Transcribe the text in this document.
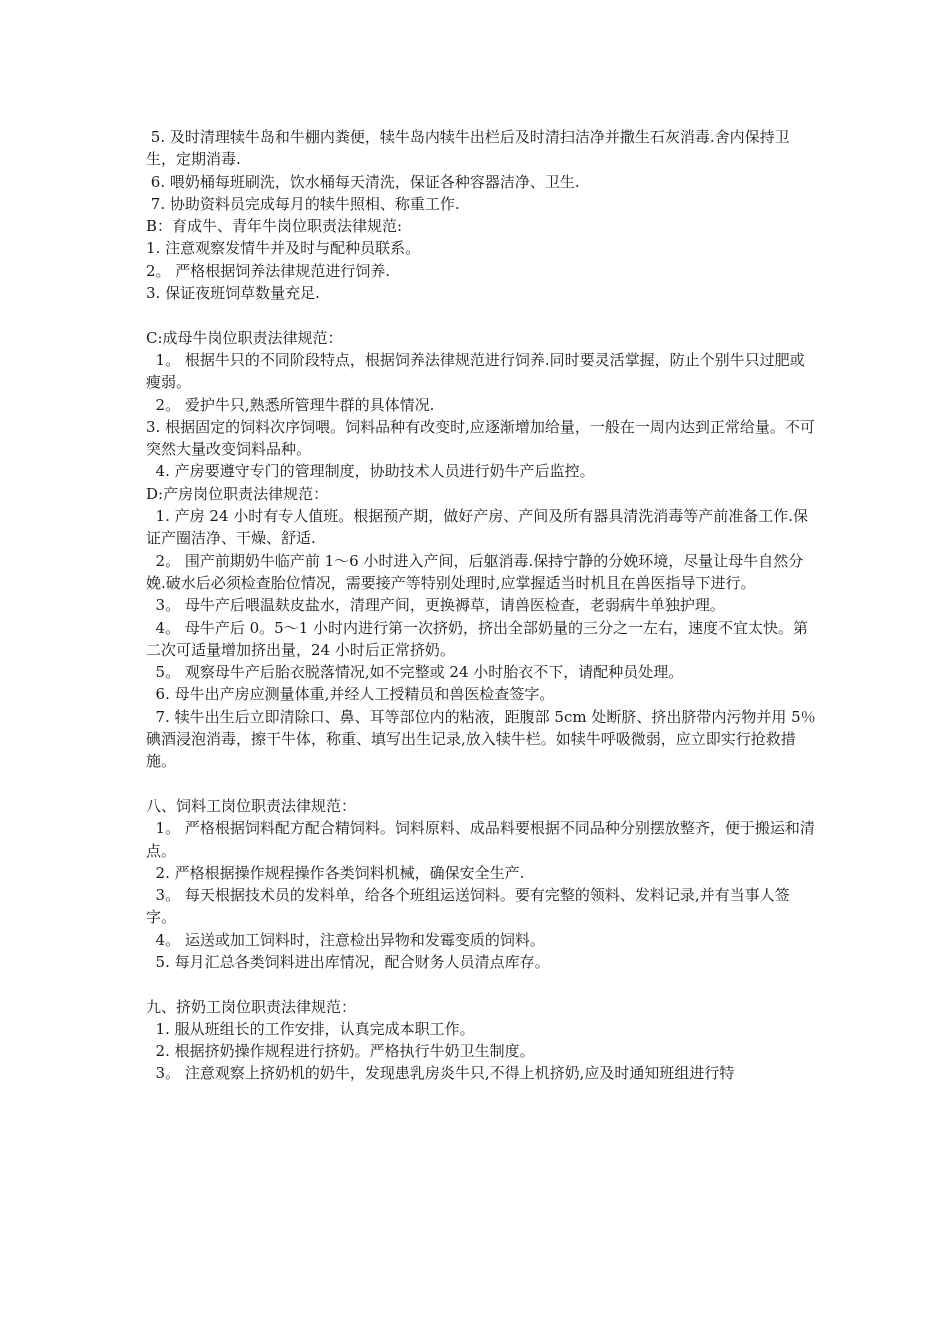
5. 及时清理犊牛岛和牛棚内粪便，犊牛岛内犊牛出栏后及时清扫洁净并撒生石灰消毒.舍内保持卫生，定期消毒.
6. 喂奶桶每班刷洗，饮水桶每天清洗，保证各种容器洁净、卫生.
7. 协助资料员完成每月的犊牛照相、称重工作.
B：育成牛、青年牛岗位职责法律规范:
1. 注意观察发情牛并及时与配种员联系。
2。 严格根据饲养法律规范进行饲养.
3. 保证夜班饲草数量充足.
C:成母牛岗位职责法律规范：
1。 根据牛只的不同阶段特点，根据饲养法律规范进行饲养.同时要灵活掌握，防止个别牛只过肥或瘦弱。
2。 爱护牛只,熟悉所管理牛群的具体情况.
3. 根据固定的饲料次序饲喂。饲料品种有改变时,应逐渐增加给量，一般在一周内达到正常给量。不可突然大量改变饲料品种。
4. 产房要遵守专门的管理制度，协助技术人员进行奶牛产后监控。
D:产房岗位职责法律规范：
1. 产房 24 小时有专人值班。根据预产期，做好产房、产间及所有器具清洗消毒等产前准备工作.保证产圈洁净、干燥、舒适.
2。 围产前期奶牛临产前 1～6 小时进入产间，后躯消毒.保持宁静的分娩环境，尽量让母牛自然分娩.破水后必须检查胎位情况，需要接产等特别处理时,应掌握适当时机且在兽医指导下进行。
3。 母牛产后喂温麸皮盐水，清理产间，更换褥草，请兽医检查，老弱病牛单独护理。
4。 母牛产后 0。5～1 小时内进行第一次挤奶，挤出全部奶量的三分之一左右，速度不宜太快。第二次可适量增加挤出量，24 小时后正常挤奶。
5。 观察母牛产后胎衣脱落情况,如不完整或 24 小时胎衣不下，请配种员处理。
6. 母牛出产房应测量体重,并经人工授精员和兽医检查签字。
7. 犊牛出生后立即清除口、鼻、耳等部位内的粘液，距腹部 5cm 处断脐、挤出脐带内污物并用 5％碘酒浸泡消毒，擦干牛体，称重、填写出生记录,放入犊牛栏。如犊牛呼吸微弱，应立即实行抢救措施。
八、饲料工岗位职责法律规范：
1。 严格根据饲料配方配合精饲料。饲料原料、成品料要根据不同品种分别摆放整齐，便于搬运和清点。
2. 严格根据操作规程操作各类饲料机械，确保安全生产.
3。 每天根据技术员的发料单，给各个班组运送饲料。要有完整的领料、发料记录,并有当事人签字。
4。 运送或加工饲料时，注意检出异物和发霉变质的饲料。
5. 每月汇总各类饲料进出库情况，配合财务人员清点库存。
九、挤奶工岗位职责法律规范：
1. 服从班组长的工作安排，认真完成本职工作。
2. 根据挤奶操作规程进行挤奶。严格执行牛奶卫生制度。
3。 注意观察上挤奶机的奶牛，发现患乳房炎牛只,不得上机挤奶,应及时通知班组进行特
